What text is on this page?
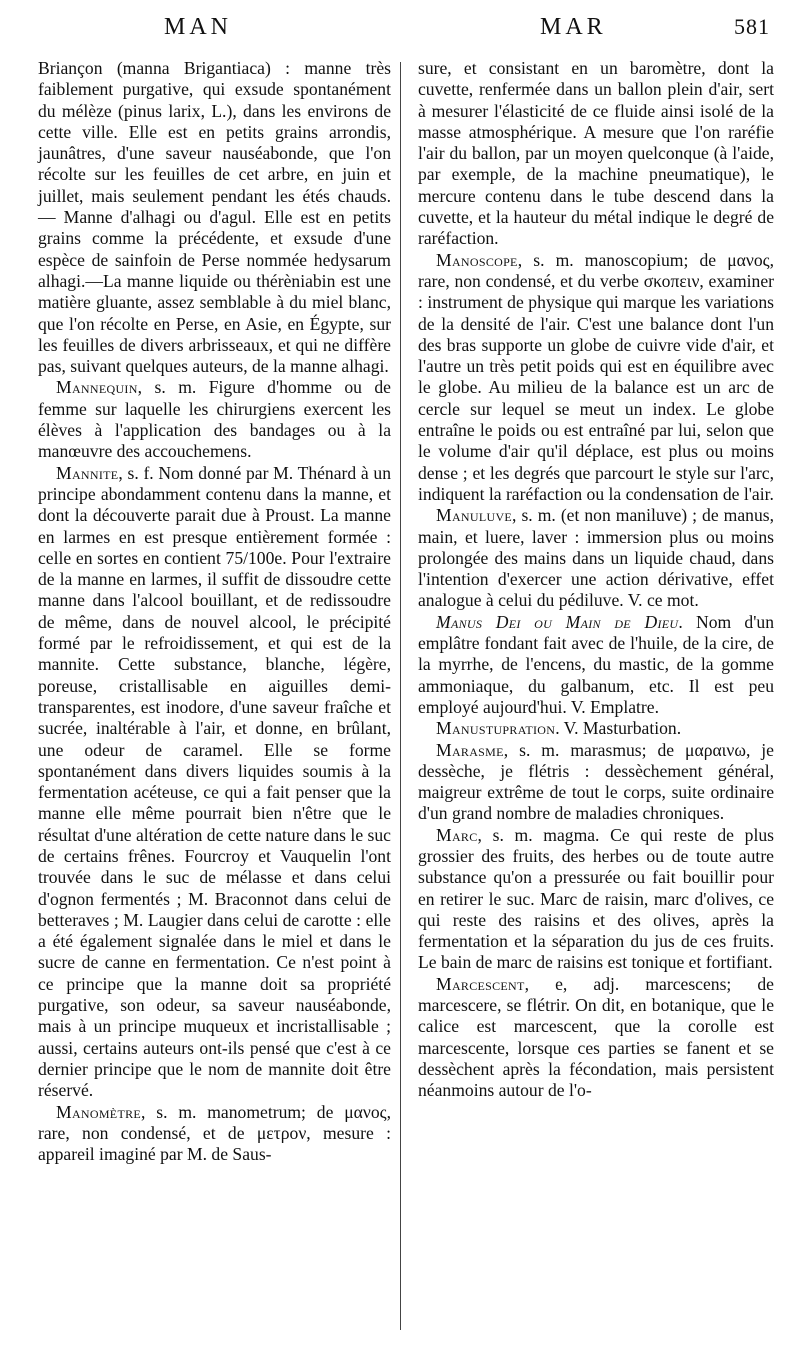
MAN	MAR	581

Briançon (manna Brigantiaca) : manne très faiblement purgative, qui exsude spontanément du mélèze (pinus larix, L.), dans les environs de cette ville. Elle est en petits grains arrondis, jaunâtres, d'une saveur nauséabonde, que l'on récolte sur les feuilles de cet arbre, en juin et juillet, mais seulement pendant les étés chauds. — Manne d'alhagi ou d'agul. Elle est en petits grains comme la précédente, et exsude d'une espèce de sainfoin de Perse nommée hedysarum alhagi.—La manne liquide ou thérèniabin est une matière gluante, assez semblable à du miel blanc, que l'on récolte en Perse, en Asie, en Égypte, sur les feuilles de divers arbrisseaux, et qui ne diffère pas, suivant quelques auteurs, de la manne alhagi.

Mannequin, s. m. Figure d'homme ou de femme sur laquelle les chirurgiens exercent les élèves à l'application des bandages ou à la manœuvre des accouchemens.

Mannite, s. f. Nom donné par M. Thénard à un principe abondamment contenu dans la manne, et dont la découverte parait due à Proust. La manne en larmes en est presque entièrement formée : celle en sortes en contient 75/100e. Pour l'extraire de la manne en larmes, il suffit de dissoudre cette manne dans l'alcool bouillant, et de redissoudre de même, dans de nouvel alcool, le précipité formé par le refroidissement, et qui est de la mannite. Cette substance, blanche, légère, poreuse, cristallisable en aiguilles demi-transparentes, est inodore, d'une saveur fraîche et sucrée, inaltérable à l'air, et donne, en brûlant, une odeur de caramel. Elle se forme spontanément dans divers liquides soumis à la fermentation acéteuse, ce qui a fait penser que la manne elle même pourrait bien n'être que le résultat d'une altération de cette nature dans le suc de certains frênes. Fourcroy et Vauquelin l'ont trouvée dans le suc de mélasse et dans celui d'ognon fermentés ; M. Braconnot dans celui de betteraves ; M. Laugier dans celui de carotte : elle a été également signalée dans le miel et dans le sucre de canne en fermentation. Ce n'est point à ce principe que la manne doit sa propriété purgative, son odeur, sa saveur nauséabonde, mais à un principe muqueux et incristallisable ; aussi, certains auteurs ont-ils pensé que c'est à ce dernier principe que le nom de mannite doit être réservé.

Manomètre, s. m. manometrum; de μανος, rare, non condensé, et de μετρον, mesure : appareil imaginé par M. de Saus-

sure, et consistant en un baromètre, dont la cuvette, renfermée dans un ballon plein d'air, sert à mesurer l'élasticité de ce fluide ainsi isolé de la masse atmosphérique. A mesure que l'on raréfie l'air du ballon, par un moyen quelconque (à l'aide, par exemple, de la machine pneumatique), le mercure contenu dans le tube descend dans la cuvette, et la hauteur du métal indique le degré de raréfaction.

Manoscope, s. m. manoscopium; de μανος, rare, non condensé, et du verbe σκοπειν, examiner : instrument de physique qui marque les variations de la densité de l'air. C'est une balance dont l'un des bras supporte un globe de cuivre vide d'air, et l'autre un très petit poids qui est en équilibre avec le globe. Au milieu de la balance est un arc de cercle sur lequel se meut un index. Le globe entraîne le poids ou est entraîné par lui, selon que le volume d'air qu'il déplace, est plus ou moins dense ; et les degrés que parcourt le style sur l'arc, indiquent la raréfaction ou la condensation de l'air.

Manuluve, s. m. (et non maniluve) ; de manus, main, et luere, laver : immersion plus ou moins prolongée des mains dans un liquide chaud, dans l'intention d'exercer une action dérivative, effet analogue à celui du pédiluve. V. ce mot.

Manus Dei ou Main de Dieu. Nom d'un emplâtre fondant fait avec de l'huile, de la cire, de la myrrhe, de l'encens, du mastic, de la gomme ammoniaque, du galbanum, etc. Il est peu employé aujourd'hui. V. Emplatre.

Manustupration. V. Masturbation.

Marasme, s. m. marasmus; de μαραινω, je dessèche, je flétris : dessèchement général, maigreur extrême de tout le corps, suite ordinaire d'un grand nombre de maladies chroniques.

Marc, s. m. magma. Ce qui reste de plus grossier des fruits, des herbes ou de toute autre substance qu'on a pressurée ou fait bouillir pour en retirer le suc. Marc de raisin, marc d'olives, ce qui reste des raisins et des olives, après la fermentation et la séparation du jus de ces fruits. Le bain de marc de raisins est tonique et fortifiant.

Marcescent, e, adj. marcescens; de marcescere, se flétrir. On dit, en botanique, que le calice est marcescent, que la corolle est marcescente, lorsque ces parties se fanent et se dessèchent après la fécondation, mais persistent néanmoins autour de l'o-
